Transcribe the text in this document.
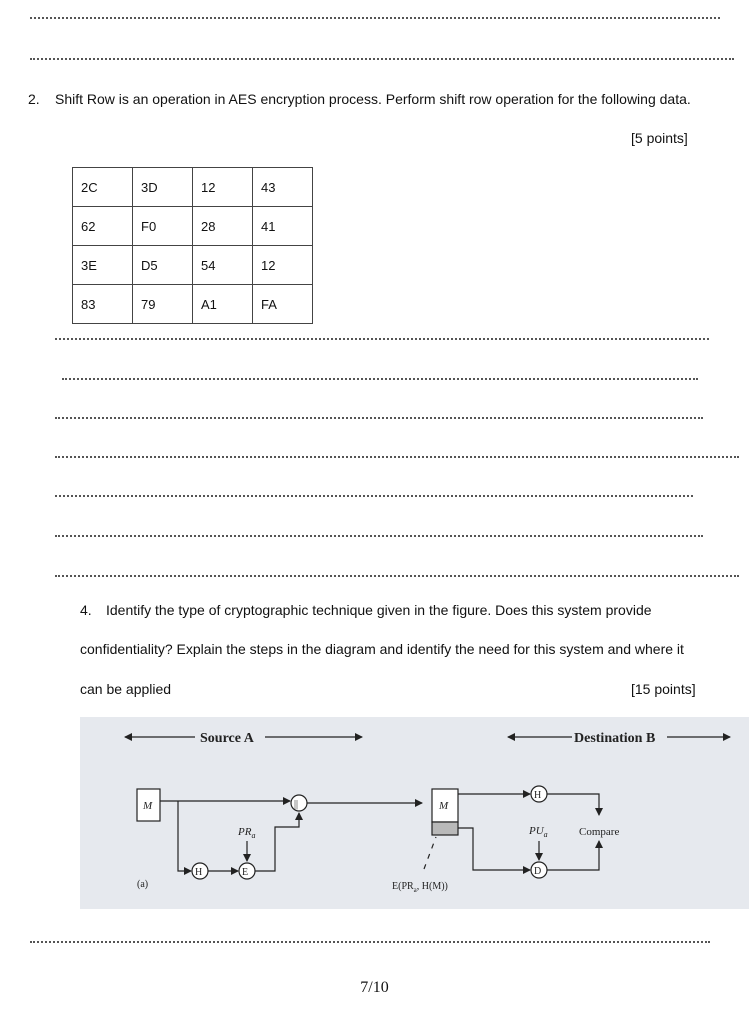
2. Shift Row is an operation in AES encryption process. Perform shift row operation for the following data.
[5 points]
2C	3D	12	43
62	F0	28	41
3E	D5	54	12
83	79	A1	FA
4. Identify the type of cryptographic technique given in the figure. Does this system provide
confidentiality? Explain the steps in the diagram and identify the need for this system and where it
can be applied	[15 points]
Source A	Destination B
M	||
H	E
$PR_a$
M
$E(PR_a$, H(M))
H
Compare
D
$PU_a$
(a)
7/10
